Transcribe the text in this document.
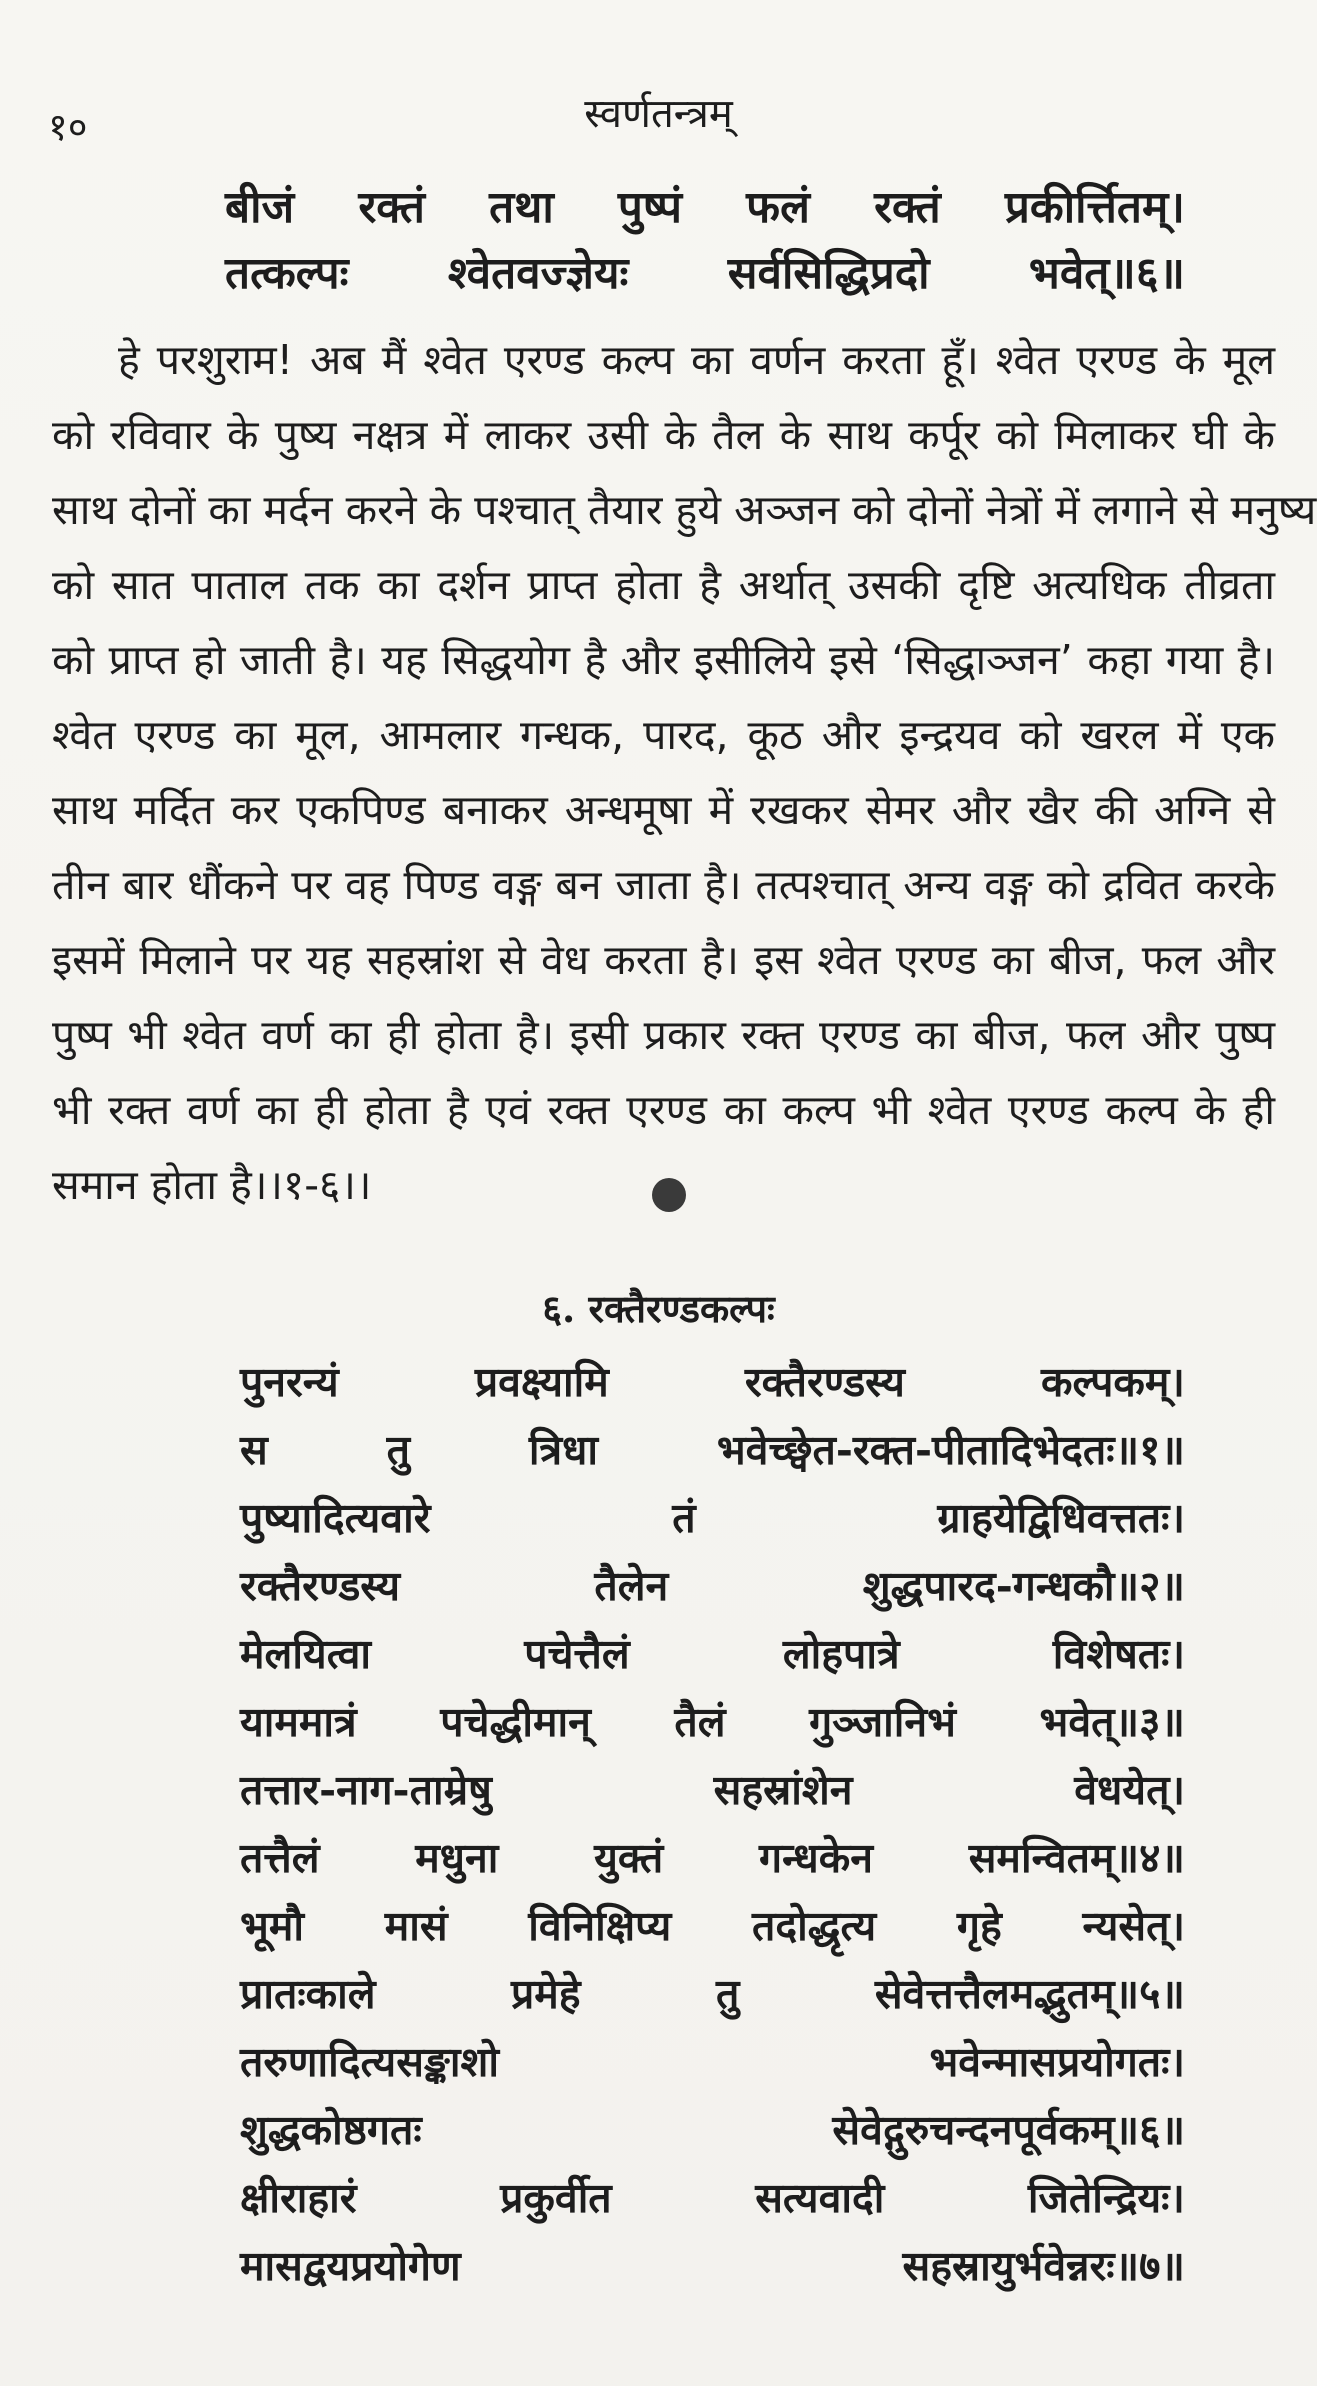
१०	स्वर्णतन्त्रम्
बीजं रक्तं तथा पुष्पं फलं रक्तं प्रकीर्त्तितम्।
तत्कल्पः श्वेतवज्ज्ञेयः सर्वसिद्धिप्रदो भवेत्॥६॥
हे परशुराम! अब मैं श्वेत एरण्ड कल्प का वर्णन करता हूँ। श्वेत एरण्ड के मूल
को रविवार के पुष्य नक्षत्र में लाकर उसी के तैल के साथ कर्पूर को मिलाकर घी के
साथ दोनों का मर्दन करने के पश्चात् तैयार हुये अञ्जन को दोनों नेत्रों में लगाने से मनुष्य
को सात पाताल तक का दर्शन प्राप्त होता है अर्थात् उसकी दृष्टि अत्यधिक तीव्रता
को प्राप्त हो जाती है। यह सिद्धयोग है और इसीलिये इसे ‘सिद्धाञ्जन’ कहा गया है।
श्वेत एरण्ड का मूल, आमलार गन्धक, पारद, कूठ और इन्द्रयव को खरल में एक
साथ मर्दित कर एकपिण्ड बनाकर अन्धमूषा में रखकर सेमर और खैर की अग्नि से
तीन बार धौंकने पर वह पिण्ड वङ्ग बन जाता है। तत्पश्चात् अन्य वङ्ग को द्रवित करके
इसमें मिलाने पर यह सहस्रांश से वेध करता है। इस श्वेत एरण्ड का बीज, फल और
पुष्प भी श्वेत वर्ण का ही होता है। इसी प्रकार रक्त एरण्ड का बीज, फल और पुष्प
भी रक्त वर्ण का ही होता है एवं रक्त एरण्ड का कल्प भी श्वेत एरण्ड कल्प के ही
समान होता है।।१-६।।
६. रक्तैरण्डकल्पः
पुनरन्यं	प्रवक्ष्यामि	रक्तैरण्डस्य	कल्पकम्।
स	तु	त्रिधा	भवेच्छ्वेत-रक्त-पीतादिभेदतः॥१॥
पुष्यादित्यवारे	तं	ग्राहयेद्विधिवत्ततः।
रक्तैरण्डस्य	तैलेन	शुद्धपारद-गन्धकौ॥२॥
मेलयित्वा	पचेत्तैलं	लोहपात्रे	विशेषतः।
याममात्रं पचेद्धीमान् तैलं गुञ्जानिभं भवेत्॥३॥
तत्तार-नाग-ताम्रेषु	सहस्रांशेन	वेधयेत्।
तत्तैलं मधुना युक्तं गन्धकेन समन्वितम्॥४॥
भूमौ मासं विनिक्षिप्य तदोद्धृत्य गृहे न्यसेत्।
प्रातःकाले	प्रमेहे	तु	सेवेत्तत्तैलमद्भुतम्॥५॥
तरुणादित्यसङ्काशो	भवेन्मासप्रयोगतः।
शुद्धकोष्ठगतः	सेवेद्गुरुचन्दनपूर्वकम्॥६॥
क्षीराहारं	प्रकुर्वीत	सत्यवादी	जितेन्द्रियः।
मासद्वयप्रयोगेण	सहस्रायुर्भवेन्नरः॥७॥
